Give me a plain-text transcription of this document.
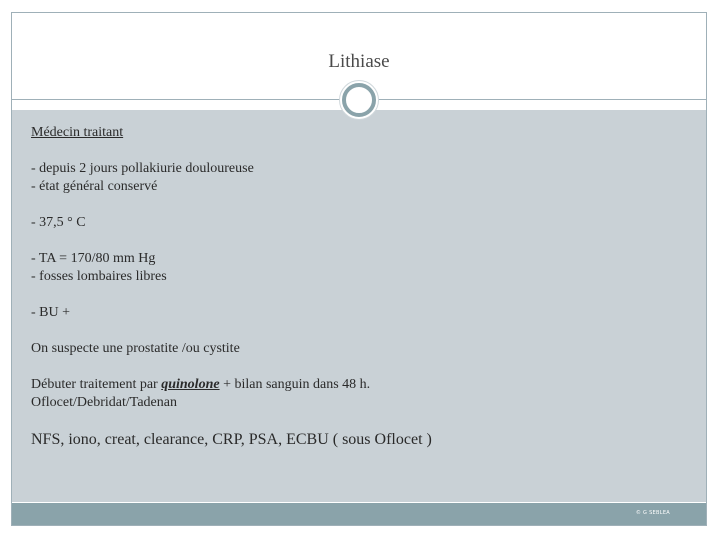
Lithiase
Médecin traitant
- depuis 2 jours pollakiurie douloureuse
- état général conservé
- 37,5 ° C
- TA = 170/80 mm Hg
- fosses lombaires libres
- BU +
On suspecte une prostatite /ou cystite
Débuter traitement par quinolone + bilan sanguin dans 48 h.
Oflocet/Debridat/Tadenan
NFS, iono, creat, clearance, CRP, PSA, ECBU ( sous Oflocet )
© G SEBLEA
